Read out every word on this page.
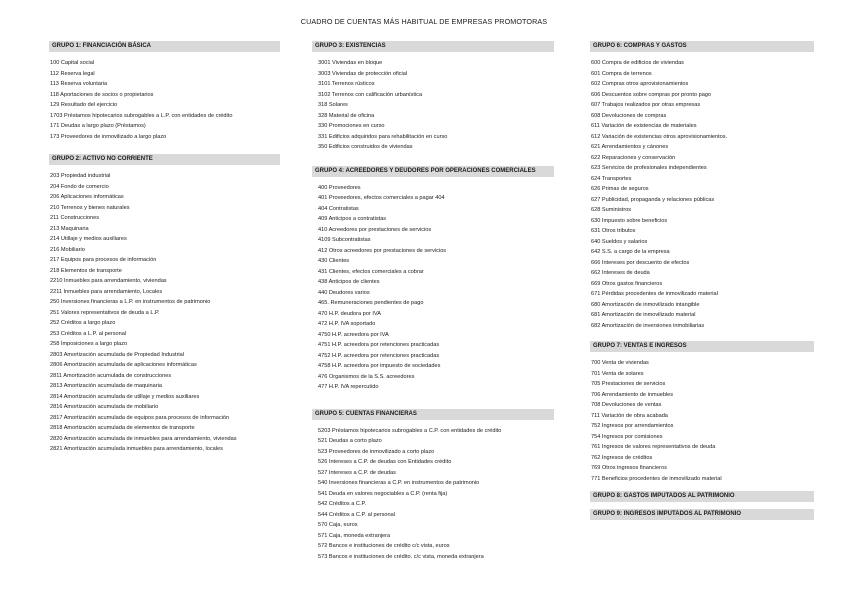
CUADRO DE CUENTAS MÁS HABITUAL DE EMPRESAS PROMOTORAS
GRUPO 1: FINANCIACIÓN BÁSICA
100 Capital social
112 Reserva legal
113 Reserva voluntaria
118 Aportaciones de socios o propietarios
129 Resultado del ejercicio
1703 Préstamos hipotecarios subrogables a L.P. con entidades de crédito
171 Deudas a largo plazo (Préstamos)
173 Proveedores de inmovilizado a largo plazo
GRUPO 2: ACTIVO NO CORRIENTE
203 Propiedad industrial
204 Fondo de comercio
206 Aplicaciones informáticas
210 Terrenos y bienes naturales
211 Construcciones
213 Maquinaria
214 Utillaje y medios auxiliares
216 Mobiliario
217 Equipos para procesos de información
218 Elementos de transporte
2210 Inmuebles para arrendamiento, viviendas
2211 Inmuebles para arrendamiento, Locales
250 Inversiones financieras a L.P. en instrumentos de patrimonio
251 Valores representativos de deuda a L.P.
252 Créditos a largo plazo
253 Créditos a L.P. al personal
258 Imposiciones a largo plazo
2803 Amortización acumulada de Propiedad Industrial
2806 Amortización acumulada de aplicaciones informáticas
2811 Amortización acumulada de construcciones
2813 Amortización acumulada de maquinaria
2814 Amortización acumulada de utillaje y medios auxiliares
2816 Amortización acumulada de mobiliario
2817 Amortización acumulada de equipos para procesos de información
2818 Amortización acumulada de elementos de transporte
2820 Amortización acumulada de inmuebles para arrendamiento, viviendas
2821 Amortización acumulada inmuebles para arrendamiento, locales
GRUPO 3: EXISTENCIAS
3001 Viviendas en bloque
3003 Viviendas de protección oficial
3101 Terrenos rústicos
3102 Terrenos con calificación urbanística
318 Solares
328 Material de oficina
330 Promociones en curso
331 Edificios adquiridos para rehabilitación en curso
350 Edificios construidos de viviendas
GRUPO 4: ACREEDORES Y DEUDORES POR OPERACIONES COMERCIALES
400 Proveedores
401 Proveedores, efectos comerciales a pagar 404
404 Contratistas
409 Anticipos a contratistas
410 Acreedores por prestaciones de servicios
4109 Subcontratistas
412 Otros acreedores por prestaciones de servicios
430 Clientes
431 Clientes, efectos comerciales a cobrar
438 Anticipos de clientes
440 Deudores varios
465. Remuneraciones pendientes de pago
470 H.P. deudora por IVA
472 H.P. IVA soportado
4750 H.P. acreedora por IVA
4751 H.P. acreedora por retenciones practicadas
4752 H.P. acreedora por retenciones practicadas
4758 H.P. acreedora por impuesto de sociedades
476 Organismos de la S.S. acreedores
477 H.P. IVA repercutido
GRUPO 5: CUENTAS FINANCIERAS
5203 Préstamos hipotecarios subrogables a C.P. con entidades de crédito
521 Deudas a corto plazo
523 Proveedores de inmovilizado a corto plazo
526 Intereses a C.P. de deudas con Entidades crédito
527 Intereses a C.P. de deudas
540 Inversiones financieras a C.P. en instrumentos de patrimonio
541 Deuda en valores negociables a C.P. (renta fija)
542 Créditos a C.P.
544 Créditos a C.P. al personal
570 Caja, euros
571 Caja, moneda extranjera
572 Bancos e instituciones de crédito c/c vista, euros
573 Bancos e instituciones de crédito. c/c vista, moneda extranjera
GRUPO 6: COMPRAS Y GASTOS
600 Compra de edificios de viviendas
601 Compra de terrenos
602 Compras otros aprovisionamientos
606 Descuentos sobre compras por pronto pago
607 Trabajos realizados por otras empresas
608 Devoluciones de compras
611 Variación de existencias de materiales
612 Variación de existencias otros aprovisionamientos.
621 Arrendamientos y cánones
622 Reparaciones y conservación
623 Servicios de profesionales independientes
624 Transportes
626 Primas de seguros
627 Publicidad, propaganda y relaciones públicas
628 Suministros
630 Impuesto sobre beneficios
631 Otros tributos
640 Sueldos y salarios
642 S.S. a cargo de la empresa
666 Intereses por descuento de efectos
662 Intereses de deuda
669 Otros gastos financieros
671 Pérdidas procedentes de inmovilizado material
680 Amortización de inmovilizado intangible
681 Amortización de inmovilizado material
682 Amortización de inversiones inmobiliarias
GRUPO 7: VENTAS E INGRESOS
700 Venta de viviendas
701 Venta de solares
705 Prestaciones de servicios
706 Arrendamiento de inmuebles
708 Devoluciones de ventas
711 Variación de obra acabada
752 Ingresos por arrendamientos
754 Ingresos por comisiones
761 Ingresos de valores representativos de deuda
762 Ingresos de créditos
769 Otros ingresos financieros
771 Beneficios procedentes de inmovilizado material
GRUPO 8: GASTOS IMPUTADOS AL PATRIMONIO
GRUPO 9: INGRESOS IMPUTADOS AL PATRIMONIO
